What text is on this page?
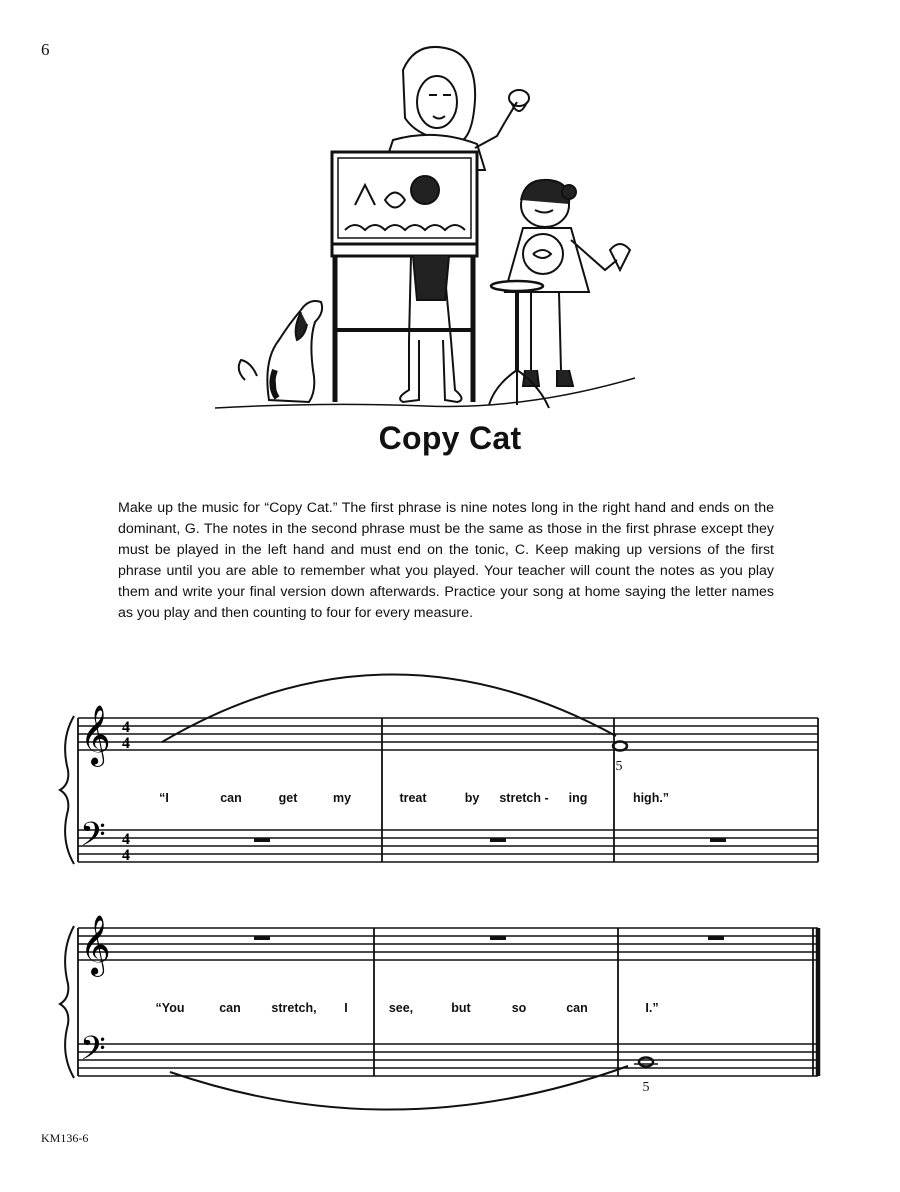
6
Copy Cat
Make up the music for “Copy Cat.” The first phrase is nine notes long in the right hand and ends on the dominant, G. The notes in the second phrase must be the same as those in the first phrase except they must be played in the left hand and must end on the tonic, C. Keep making up versions of the first phrase until you are able to remember what you played. Your teacher will count the notes as you play them and write your final version down afterwards. Practice your song at home saying the letter names as you play and then counting to four for every measure.
𝄞
𝄢
4
4
4
4
5
“I	can	get	my	treat	by stretch - ing	high.”
𝄞
𝄢
5
“You	can stretch, I	see,	but	so	can	I.”
KM136-6
